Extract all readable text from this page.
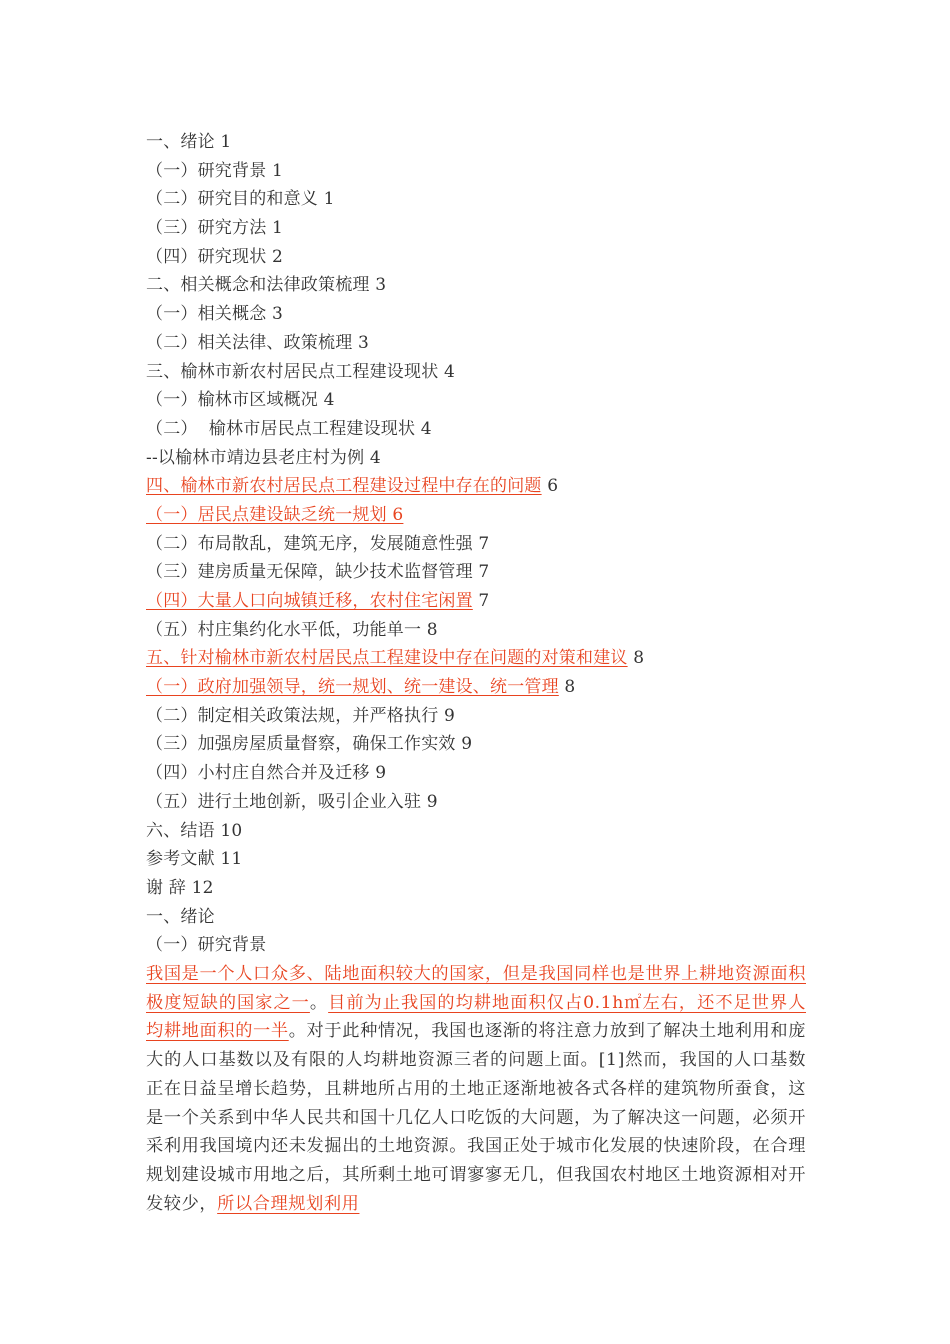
一、绪论 1
（一）研究背景 1
（二）研究目的和意义 1
（三）研究方法 1
（四）研究现状 2
二、相关概念和法律政策梳理 3
（一）相关概念 3
（二）相关法律、政策梳理 3
三、榆林市新农村居民点工程建设现状 4
（一）榆林市区域概况 4
（二）  榆林市居民点工程建设现状 4
--以榆林市靖边县老庄村为例 4
四、榆林市新农村居民点工程建设过程中存在的问题 6
（一）居民点建设缺乏统一规划 6
（二）布局散乱，建筑无序，发展随意性强 7
（三）建房质量无保障，缺少技术监督管理 7
（四）大量人口向城镇迁移，农村住宅闲置 7
（五）村庄集约化水平低，功能单一 8
五、针对榆林市新农村居民点工程建设中存在问题的对策和建议 8
（一）政府加强领导，统一规划、统一建设、统一管理 8
（二）制定相关政策法规，并严格执行 9
（三）加强房屋质量督察，确保工作实效 9
（四）小村庄自然合并及迁移 9
（五）进行土地创新，吸引企业入驻 9
六、结语 10
参考文献 11
谢 辞 12
一、绪论
（一）研究背景
我国是一个人口众多、陆地面积较大的国家，但是我国同样也是世界上耕地资源面积极度短缺的国家之一。目前为止我国的均耕地面积仅占0.1h㎡左右，还不足世界人均耕地面积的一半。对于此种情况，我国也逐渐的将注意力放到了解决土地利用和庞大的人口基数以及有限的人均耕地资源三者的问题上面。[1]然而，我国的人口基数正在日益呈增长趋势，且耕地所占用的土地正逐渐地被各式各样的建筑物所蚕食，这是一个关系到中华人民共和国十几亿人口吃饭的大问题，为了解决这一问题，必须开采利用我国境内还未发掘出的土地资源。我国正处于城市化发展的快速阶段，在合理规划建设城市用地之后，其所剩土地可谓寥寥无几，但我国农村地区土地资源相对开发较少，所以合理规划利用
